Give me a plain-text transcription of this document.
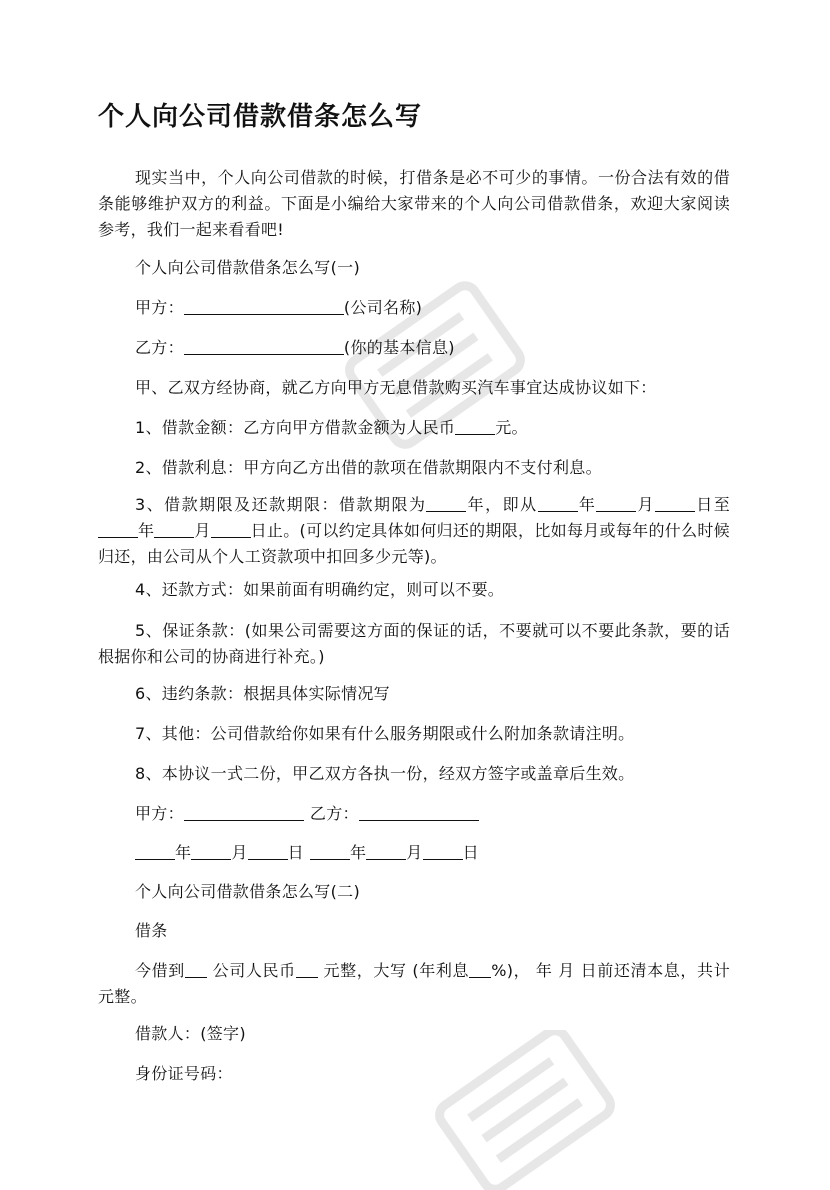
个人向公司借款借条怎么写
现实当中，个人向公司借款的时候，打借条是必不可少的事情。一份合法有效的借条能够维护双方的利益。下面是小编给大家带来的个人向公司借款借条，欢迎大家阅读参考，我们一起来看看吧!
个人向公司借款借条怎么写(一)
甲方：	(公司名称)
乙方：	(你的基本信息)
甲、乙双方经协商，就乙方向甲方无息借款购买汽车事宜达成协议如下：
1、借款金额：乙方向甲方借款金额为人民币	元。
2、借款利息：甲方向乙方出借的款项在借款期限内不支付利息。
3、借款期限及还款期限：借款期限为	年，即从	年	月	日至年	月	日止。(可以约定具体如何归还的期限，比如每月或每年的什么时候归还，由公司从个人工资款项中扣回多少元等)。
4、还款方式：如果前面有明确约定，则可以不要。
5、保证条款：(如果公司需要这方面的保证的话，不要就可以不要此条款，要的话根据你和公司的协商进行补充。)
6、违约条款：根据具体实际情况写
7、其他：公司借款给你如果有什么服务期限或什么附加条款请注明。
8、本协议一式二份，甲乙双方各执一份，经双方签字或盖章后生效。
甲方：	乙方：
年	月	日	年	月	日
个人向公司借款借条怎么写(二)
借条
今借到 公司人民币 元整，大写 (年利息 %)， 年 月 日前还清本息，共计 元整。
借款人：(签字)
身份证号码：
